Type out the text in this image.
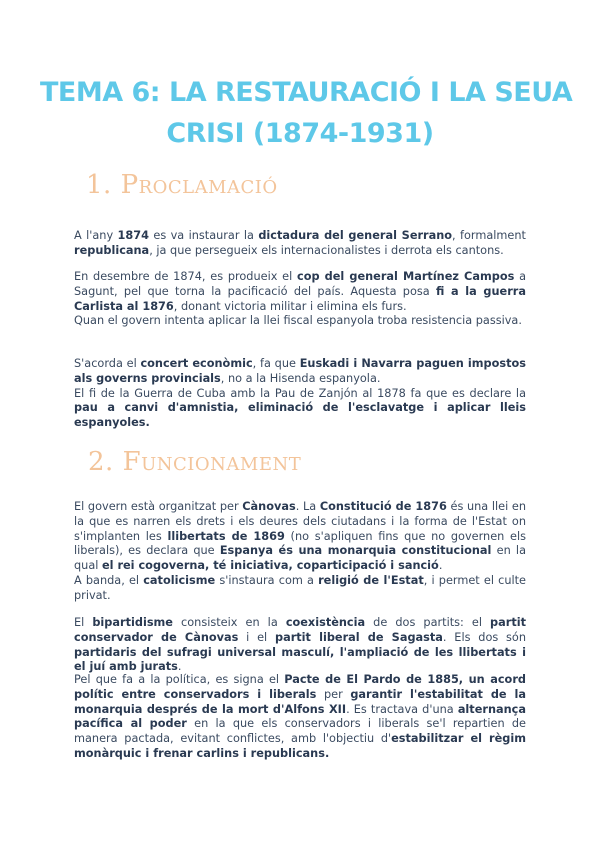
TEMA 6: LA RESTAURACIÓ I LA SEUA
CRISI (1874-1931)
1. Proclamació

A l'any 1874 es va instaurar la dictadura del general Serrano, formalment republicana, ja que persegueix els internacionalistes i derrota els cantons.

En desembre de 1874, es produeix el cop del general Martínez Campos a Sagunt, pel que torna la pacificació del país. Aquesta posa fi a la guerra Carlista al 1876, donant victoria militar i elimina els furs.
Quan el govern intenta aplicar la llei fiscal espanyola troba resistencia passiva.

S'acorda el concert econòmic, fa que Euskadi i Navarra paguen impostos als governs provincials, no a la Hisenda espanyola.
El fi de la Guerra de Cuba amb la Pau de Zanjón al 1878 fa que es declare la pau a canvi d'amnistia, eliminació de l'esclavatge i aplicar lleis espanyoles.

2. Funcionament

El govern està organitzat per Cànovas. La Constitució de 1876 és una llei en la que es narren els drets i els deures dels ciutadans i la forma de l'Estat on s'implanten les llibertats de 1869 (no s'apliquen fins que no governen els liberals), es declara que Espanya és una monarquia constitucional en la qual el rei cogoverna, té iniciativa, coparticipació i sanció.
A banda, el catolicisme s'instaura com a religió de l'Estat, i permet el culte privat.

El bipartidisme consisteix en la coexistència de dos partits: el partit conservador de Cànovas i el partit liberal de Sagasta. Els dos són partidaris del sufragi universal masculí, l'ampliació de les llibertats i el juí amb jurats.

Pel que fa a la política, es signa el Pacte de El Pardo de 1885, un acord polític entre conservadors i liberals per garantir l'estabilitat de la monarquia després de la mort d'Alfons XII. Es tractava d'una alternança pacífica al poder en la que els conservadors i liberals se'l repartien de manera pactada, evitant conflictes, amb l'objectiu d'estabilitzar el règim monàrquic i frenar carlins i republicans.
